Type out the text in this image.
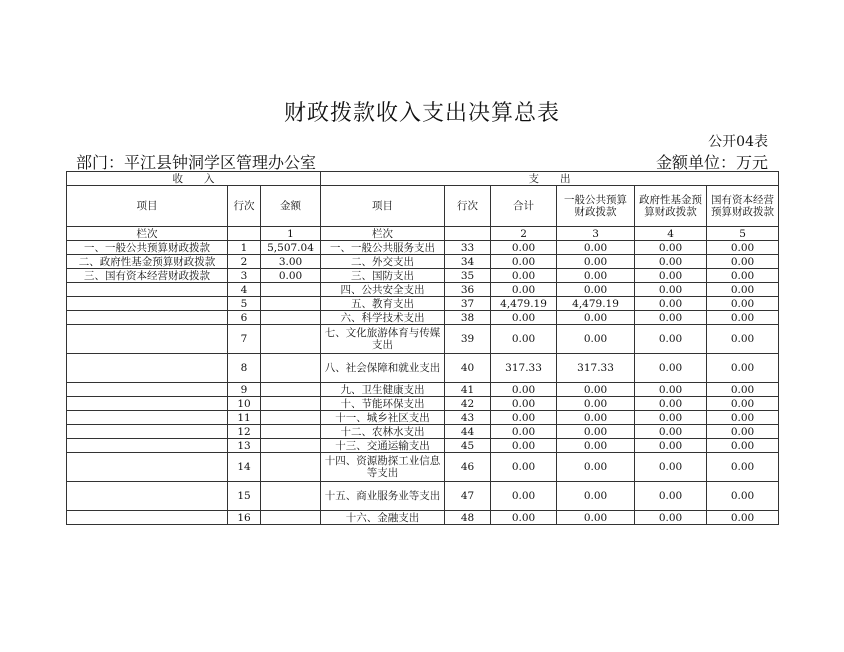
财政拨款收入支出决算总表
公开04表
部门：平江县钟洞学区管理办公室	金额单位：万元
收　　入			支　　出					
项目	行次	金额	项目	行次	合计	一般公共预算财政拨款	政府性基金预算财政拨款	国有资本经营预算财政拨款
栏次		1	栏次		2	3	4	5
一、一般公共预算财政拨款	1	5,507.04	一、一般公共服务支出	33	0.00	0.00	0.00	0.00
二、政府性基金预算财政拨款	2	3.00	二、外交支出	34	0.00	0.00	0.00	0.00
三、国有资本经营财政拨款	3	0.00	三、国防支出	35	0.00	0.00	0.00	0.00
	4		四、公共安全支出	36	0.00	0.00	0.00	0.00
	5		五、教育支出	37	4,479.19	4,479.19	0.00	0.00
	6		六、科学技术支出	38	0.00	0.00	0.00	0.00
	7		七、文化旅游体育与传媒支出	39	0.00	0.00	0.00	0.00
	8		八、社会保障和就业支出	40	317.33	317.33	0.00	0.00
	9		九、卫生健康支出	41	0.00	0.00	0.00	0.00
	10		十、节能环保支出	42	0.00	0.00	0.00	0.00
	11		十一、城乡社区支出	43	0.00	0.00	0.00	0.00
	12		十二、农林水支出	44	0.00	0.00	0.00	0.00
	13		十三、交通运输支出	45	0.00	0.00	0.00	0.00
	14		十四、资源勘探工业信息等支出	46	0.00	0.00	0.00	0.00
	15		十五、商业服务业等支出	47	0.00	0.00	0.00	0.00
	16		十六、金融支出	48	0.00	0.00	0.00	0.00
